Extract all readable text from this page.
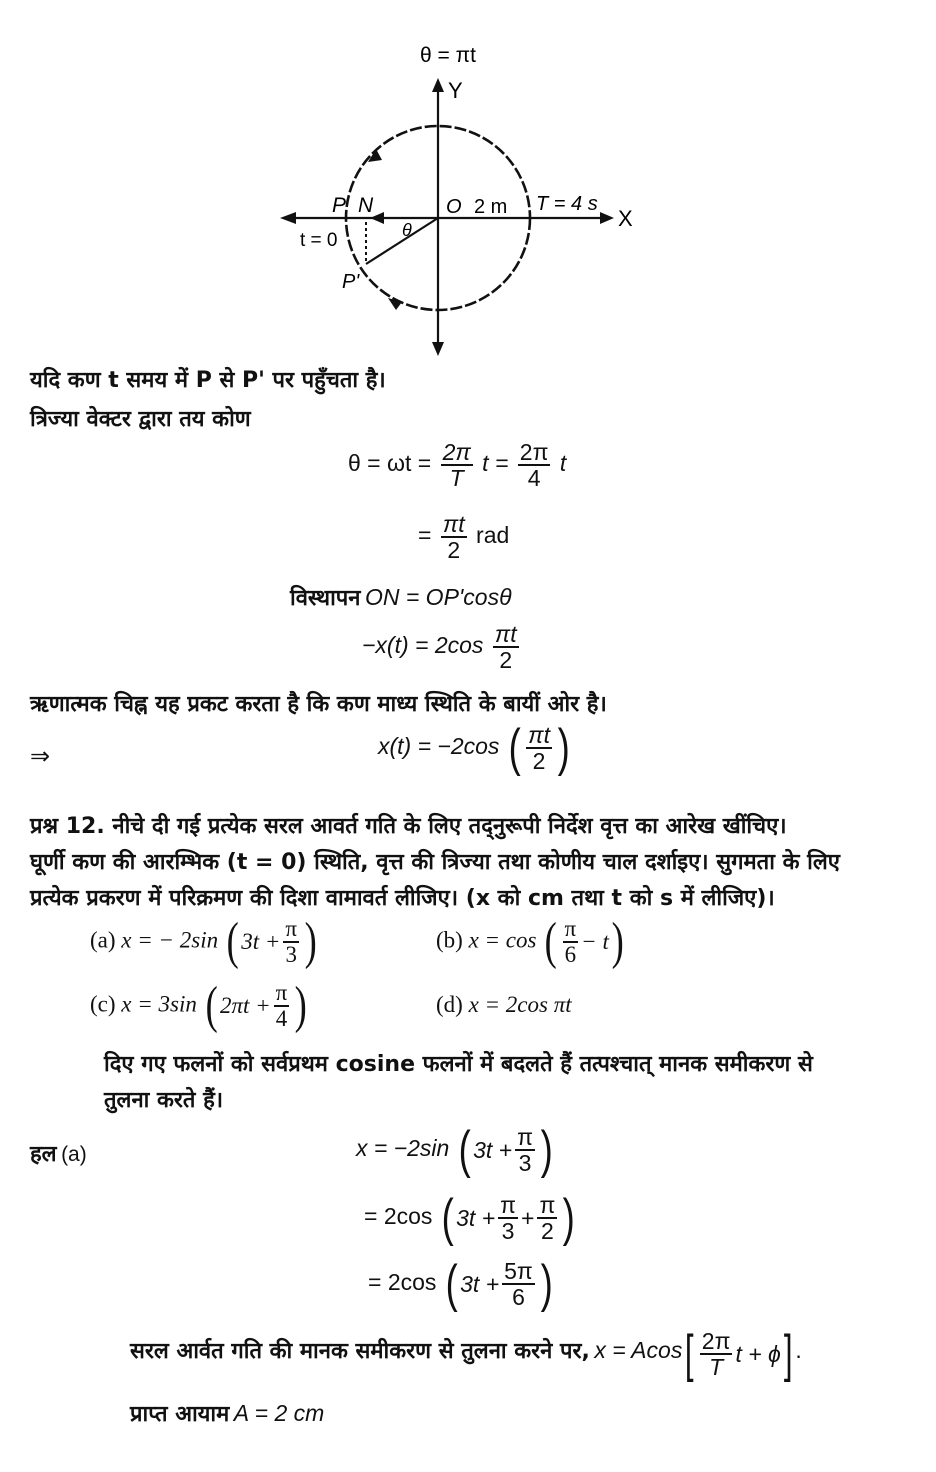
θ = πt
Y
X
P N	O 2 m T = 4 s
t = 0	θ
P'
यदि कण t समय में P से P' पर पहुँचता है।
त्रिज्या वेक्टर द्वारा तय कोण
$\theta = \omega t = \frac{2\pi}{T}$ $t = \frac{2\pi}{4}$ t
= $\frac{\pi t}{2}$ rad
विस्थापन ON = OP'cosθ
$-x(t) = 2\cos \frac{\pi t}{2}$
ऋणात्मक चिह्न यह प्रकट करता है कि कण माध्य स्थिति के बायीं ओर है।
⇒	x(t) = −2cos ( $\frac{\pi t}{2}$ )
प्रश्न 12. नीचे दी गई प्रत्येक सरल आवर्त गति के लिए तद्नुरूपी निर्देश वृत्त का आरेख खींचिए।
घूर्णी कण की आरम्भिक (t = 0) स्थिति, वृत्त की त्रिज्या तथा कोणीय चाल दर्शाइए। सुगमता के लिए
प्रत्येक प्रकरण में परिक्रमण की दिशा वामावर्त लीजिए। (x को cm तथा t को s में लीजिए)।
(a) x = − 2sin ( $3t + \frac{\pi}{3}$ )	(b) x = cos ( $\frac{\pi}{6} - t$ )
(c) x = 3sin ( $2\pi t + \frac{\pi}{4}$ )	(d) x = 2cos πt
दिए गए फलनों को सर्वप्रथम cosine फलनों में बदलते हैं तत्पश्चात् मानक समीकरण से
तुलना करते हैं।
हल (a)	x = −2sin ( $3t + \frac{\pi}{3}$ )
= 2cos ( $3t + \frac{\pi}{3} + \frac{\pi}{2}$ )
= 2cos ( $3t + \frac{5\pi}{6}$ )
सरल आर्वत गति की मानक समीकरण से तुलना करने पर, x = Acos [ $\frac{2\pi}{T}$ t + ϕ ] .
प्राप्त आयाम A = 2 cm
